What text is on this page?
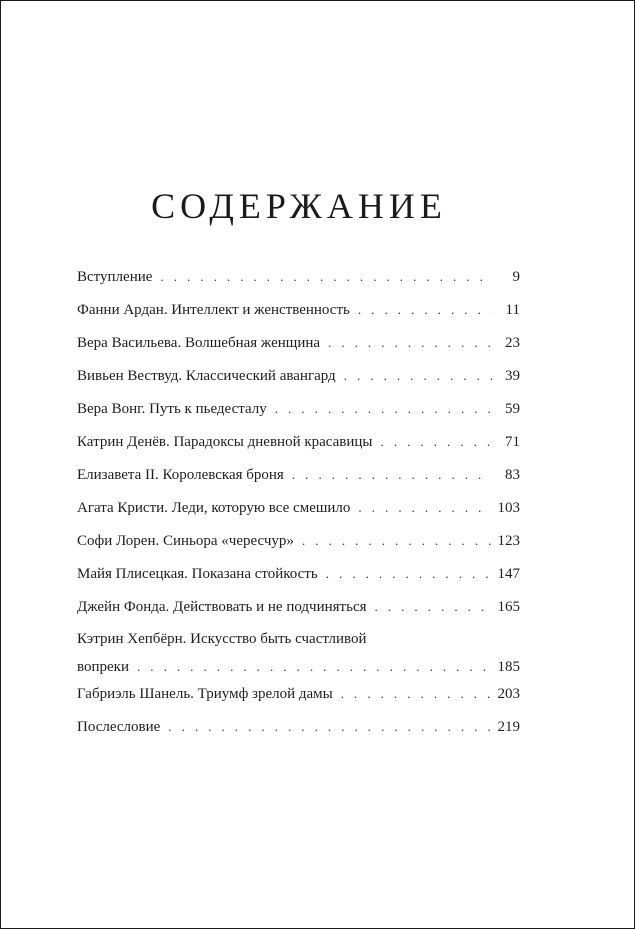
СОДЕРЖАНИЕ
Вступление . . .	9
Фанни Ардан. Интеллект и женственность . . .	11
Вера Васильева. Волшебная женщина . . .	23
Вивьен Вествуд. Классический авангард . . .	39
Вера Вонг. Путь к пьедесталу . . .	59
Катрин Денёв. Парадоксы дневной красавицы . . .	71
Елизавета II. Королевская броня . . .	83
Агата Кристи. Леди, которую все смешило . . .	103
Софи Лорен. Синьора «чересчур» . . .	123
Майя Плисецкая. Показана стойкость . . .	147
Джейн Фонда. Действовать и не подчиняться . . .	165
Кэтрин Хепбёрн. Искусство быть счастливой
вопреки . . .	185
Габриэль Шанель. Триумф зрелой дамы . . .	203
Послесловие . . .	219
